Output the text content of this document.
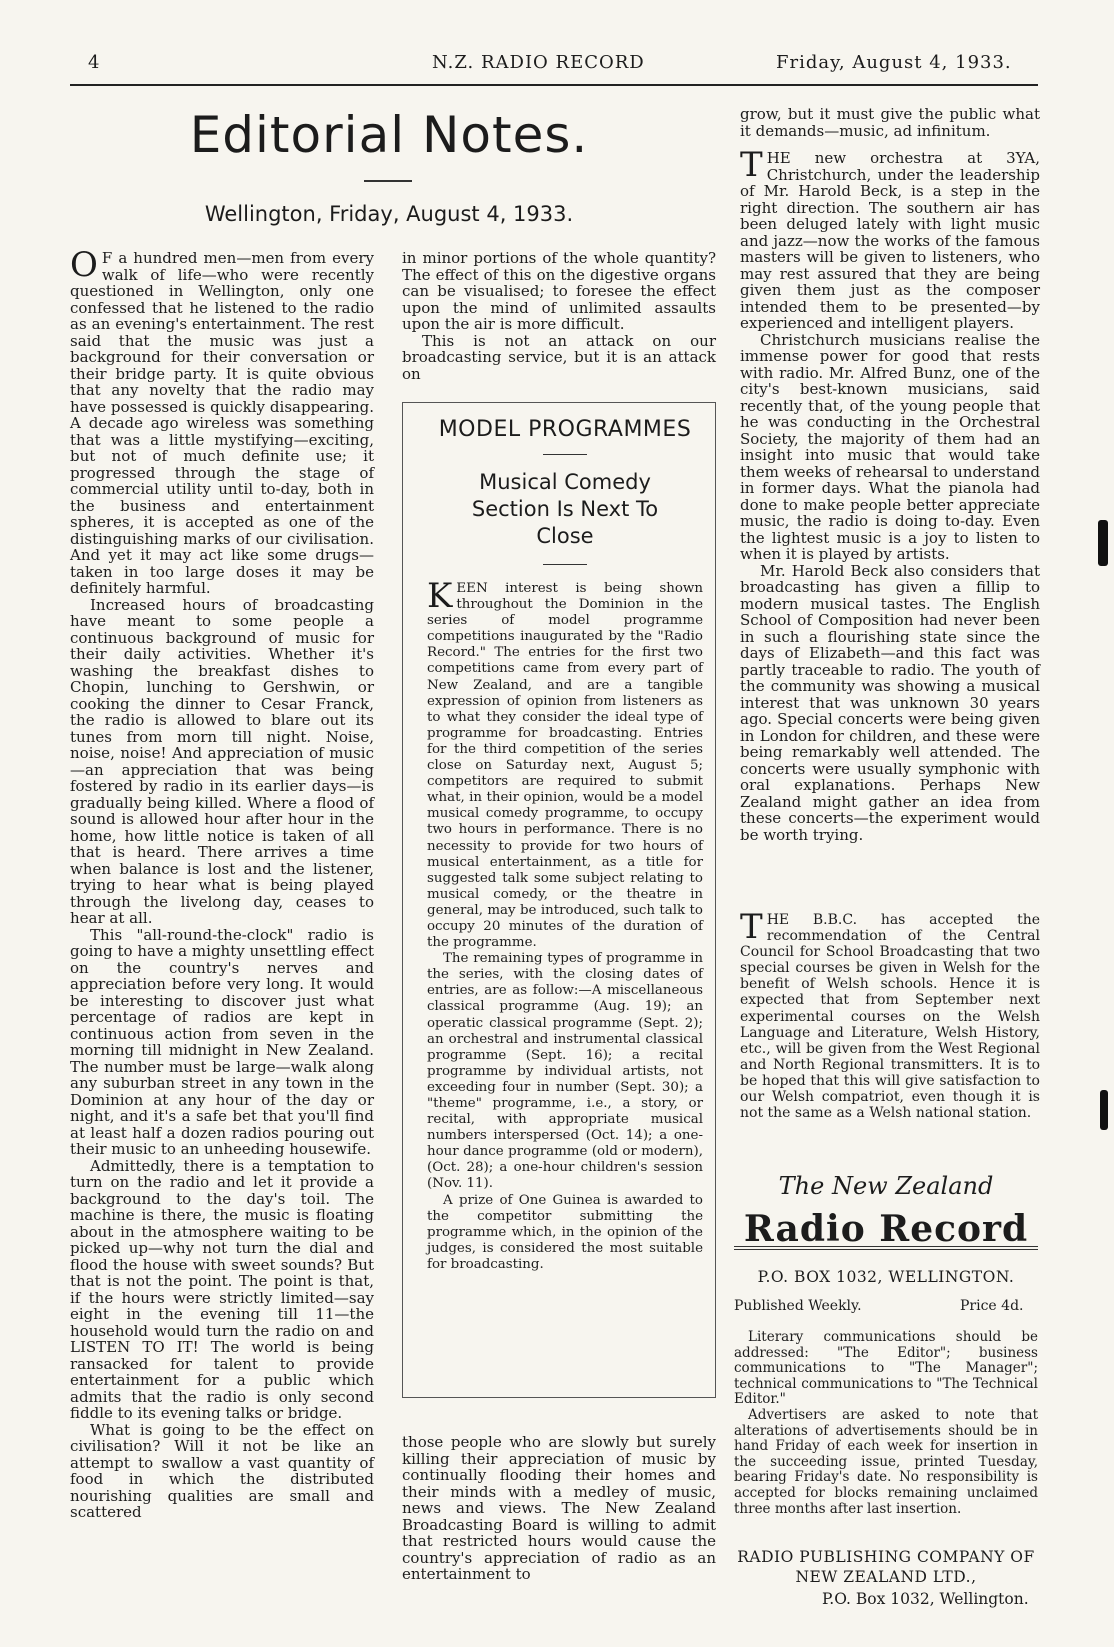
4	N.Z. RADIO RECORD	Friday, August 4, 1933.
Editorial Notes.
Wellington, Friday, August 4, 1933.

OF a hundred men—men from every walk of life—who were recently questioned in Wellington, only one confessed that he listened to the radio as an evening's entertainment. The rest said that the music was just a background for their conversation or their bridge party. It is quite obvious that any novelty that the radio may have possessed is quickly disappearing. A decade ago wireless was something that was a little mystifying—exciting, but not of much definite use; it progressed through the stage of commercial utility until to-day, both in the business and entertainment spheres, it is accepted as one of the distinguishing marks of our civilisation. And yet it may act like some drugs—taken in too large doses it may be definitely harmful.

Increased hours of broadcasting have meant to some people a continuous background of music for their daily activities. Whether it's washing the breakfast dishes to Chopin, lunching to Gershwin, or cooking the dinner to Cesar Franck, the radio is allowed to blare out its tunes from morn till night. Noise, noise, noise! And appreciation of music—an appreciation that was being fostered by radio in its earlier days—is gradually being killed. Where a flood of sound is allowed hour after hour in the home, how little notice is taken of all that is heard. There arrives a time when balance is lost and the listener, trying to hear what is being played through the livelong day, ceases to hear at all.

This "all-round-the-clock" radio is going to have a mighty unsettling effect on the country's nerves and appreciation before very long. It would be interesting to discover just what percentage of radios are kept in continuous action from seven in the morning till midnight in New Zealand. The number must be large—walk along any suburban street in any town in the Dominion at any hour of the day or night, and it's a safe bet that you'll find at least half a dozen radios pouring out their music to an unheeding housewife.

Admittedly, there is a temptation to turn on the radio and let it provide a background to the day's toil. The machine is there, the music is floating about in the atmosphere waiting to be picked up—why not turn the dial and flood the house with sweet sounds? But that is not the point. The point is that, if the hours were strictly limited—say eight in the evening till 11—the household would turn the radio on and LISTEN TO IT! The world is being ransacked for talent to provide entertainment for a public which admits that the radio is only second fiddle to its evening talks or bridge.

What is going to be the effect on civilisation? Will it not be like an attempt to swallow a vast quantity of food in which the distributed nourishing qualities are small and scattered

in minor portions of the whole quantity? The effect of this on the digestive organs can be visualised; to foresee the effect upon the mind of unlimited assaults upon the air is more difficult.

This is not an attack on our broadcasting service, but it is an attack on

MODEL PROGRAMMES
Musical Comedy Section Is Next To Close

KEEN interest is being shown throughout the Dominion in the series of model programme competitions inaugurated by the "Radio Record." The entries for the first two competitions came from every part of New Zealand, and are a tangible expression of opinion from listeners as to what they consider the ideal type of programme for broadcasting. Entries for the third competition of the series close on Saturday next, August 5; competitors are required to submit what, in their opinion, would be a model musical comedy programme, to occupy two hours in performance. There is no necessity to provide for two hours of musical entertainment, as a title for suggested talk some subject relating to musical comedy, or the theatre in general, may be introduced, such talk to occupy 20 minutes of the duration of the programme.

The remaining types of programme in the series, with the closing dates of entries, are as follow:—A miscellaneous classical programme (Aug. 19); an operatic classical programme (Sept. 2); an orchestral and instrumental classical programme (Sept. 16); a recital programme by individual artists, not exceeding four in number (Sept. 30); a "theme" programme, i.e., a story, or recital, with appropriate musical numbers interspersed (Oct. 14); a one-hour dance programme (old or modern), (Oct. 28); a one-hour children's session (Nov. 11).

A prize of One Guinea is awarded to the competitor submitting the programme which, in the opinion of the judges, is considered the most suitable for broadcasting.

those people who are slowly but surely killing their appreciation of music by continually flooding their homes and their minds with a medley of music, news and views. The New Zealand Broadcasting Board is willing to admit that restricted hours would cause the country's appreciation of radio as an entertainment to

grow, but it must give the public what it demands—music, ad infinitum.

THE new orchestra at 3YA, Christchurch, under the leadership of Mr. Harold Beck, is a step in the right direction. The southern air has been deluged lately with light music and jazz—now the works of the famous masters will be given to listeners, who may rest assured that they are being given them just as the composer intended them to be presented—by experienced and intelligent players.

Christchurch musicians realise the immense power for good that rests with radio. Mr. Alfred Bunz, one of the city's best-known musicians, said recently that, of the young people that he was conducting in the Orchestral Society, the majority of them had an insight into music that would take them weeks of rehearsal to understand in former days. What the pianola had done to make people better appreciate music, the radio is doing to-day. Even the lightest music is a joy to listen to when it is played by artists.

Mr. Harold Beck also considers that broadcasting has given a fillip to modern musical tastes. The English School of Composition had never been in such a flourishing state since the days of Elizabeth—and this fact was partly traceable to radio. The youth of the community was showing a musical interest that was unknown 30 years ago. Special concerts were being given in London for children, and these were being remarkably well attended. The concerts were usually symphonic with oral explanations. Perhaps New Zealand might gather an idea from these concerts—the experiment would be worth trying.

THE B.B.C. has accepted the recommendation of the Central Council for School Broadcasting that two special courses be given in Welsh for the benefit of Welsh schools. Hence it is expected that from September next experimental courses on the Welsh Language and Literature, Welsh History, etc., will be given from the West Regional and North Regional transmitters. It is to be hoped that this will give satisfaction to our Welsh compatriot, even though it is not the same as a Welsh national station.

The New Zealand
Radio Record
P.O. BOX 1032, WELLINGTON.
Published Weekly.	Price 4d.

Literary communications should be addressed: "The Editor"; business communications to "The Manager"; technical communications to "The Technical Editor."

Advertisers are asked to note that alterations of advertisements should be in hand Friday of each week for insertion in the succeeding issue, printed Tuesday, bearing Friday's date. No responsibility is accepted for blocks remaining unclaimed three months after last insertion.

RADIO PUBLISHING COMPANY OF
NEW ZEALAND LTD.,
P.O. Box 1032, Wellington.
